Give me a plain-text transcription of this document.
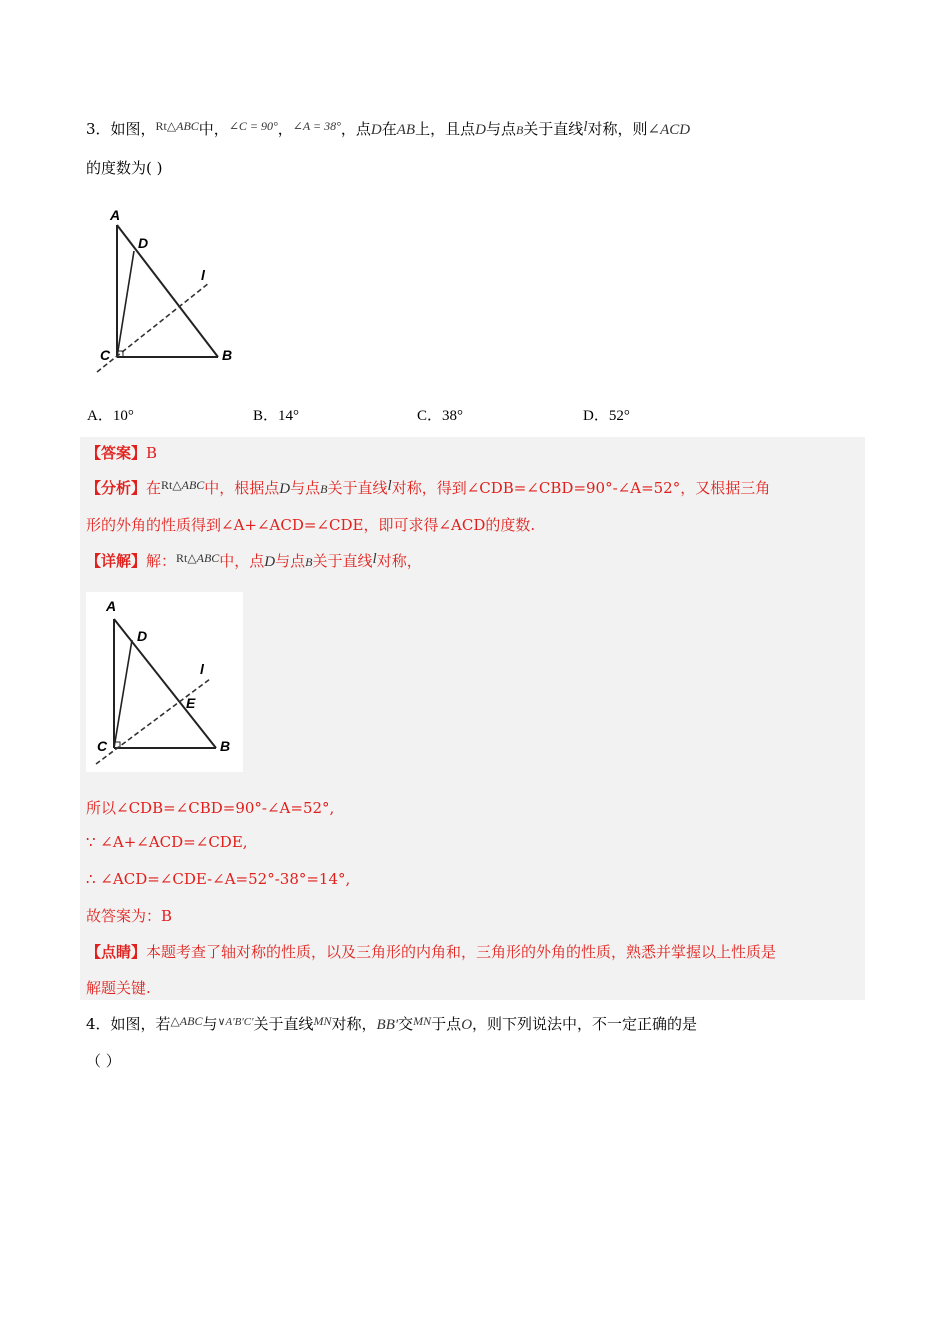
3．如图，$^{Rt\triangle ABC}$中，$^{\angle C = 90^\circ}$，$^{\angle A = 38^\circ}$，点D在AB上，且点D与点B关于直线l对称，则∠ACD
的度数为( )
A
D
l
C	B
A．10°	B．14°	C．38°	D．52°
【答案】B
【分析】在$^{Rt\triangle ABC}$中，根据点D与点B关于直线l对称，得到∠CDB=∠CBD=90°-∠A=52°，又根据三角
形的外角的性质得到∠A+∠ACD=∠CDE，即可求得∠ACD的度数.
【详解】解：$^{Rt\triangle ABC}$中，点D与点B关于直线l对称，
A
D
l
E
C	B
所以∠CDB=∠CBD=90°-∠A=52°,
∵ ∠A+∠ACD=∠CDE,
∴ ∠ACD=∠CDE-∠A=52°-38°=14°,
故答案为：B
【点睛】本题考查了轴对称的性质，以及三角形的内角和，三角形的外角的性质，熟悉并掌握以上性质是
解题关键.
4．如图，若$^{\triangle ABC}$与$^{\vee A'B'C'}$关于直线$^{MN}$对称，BB′交$^{MN}$于点O，则下列说法中，不一定正确的是
（ ）
